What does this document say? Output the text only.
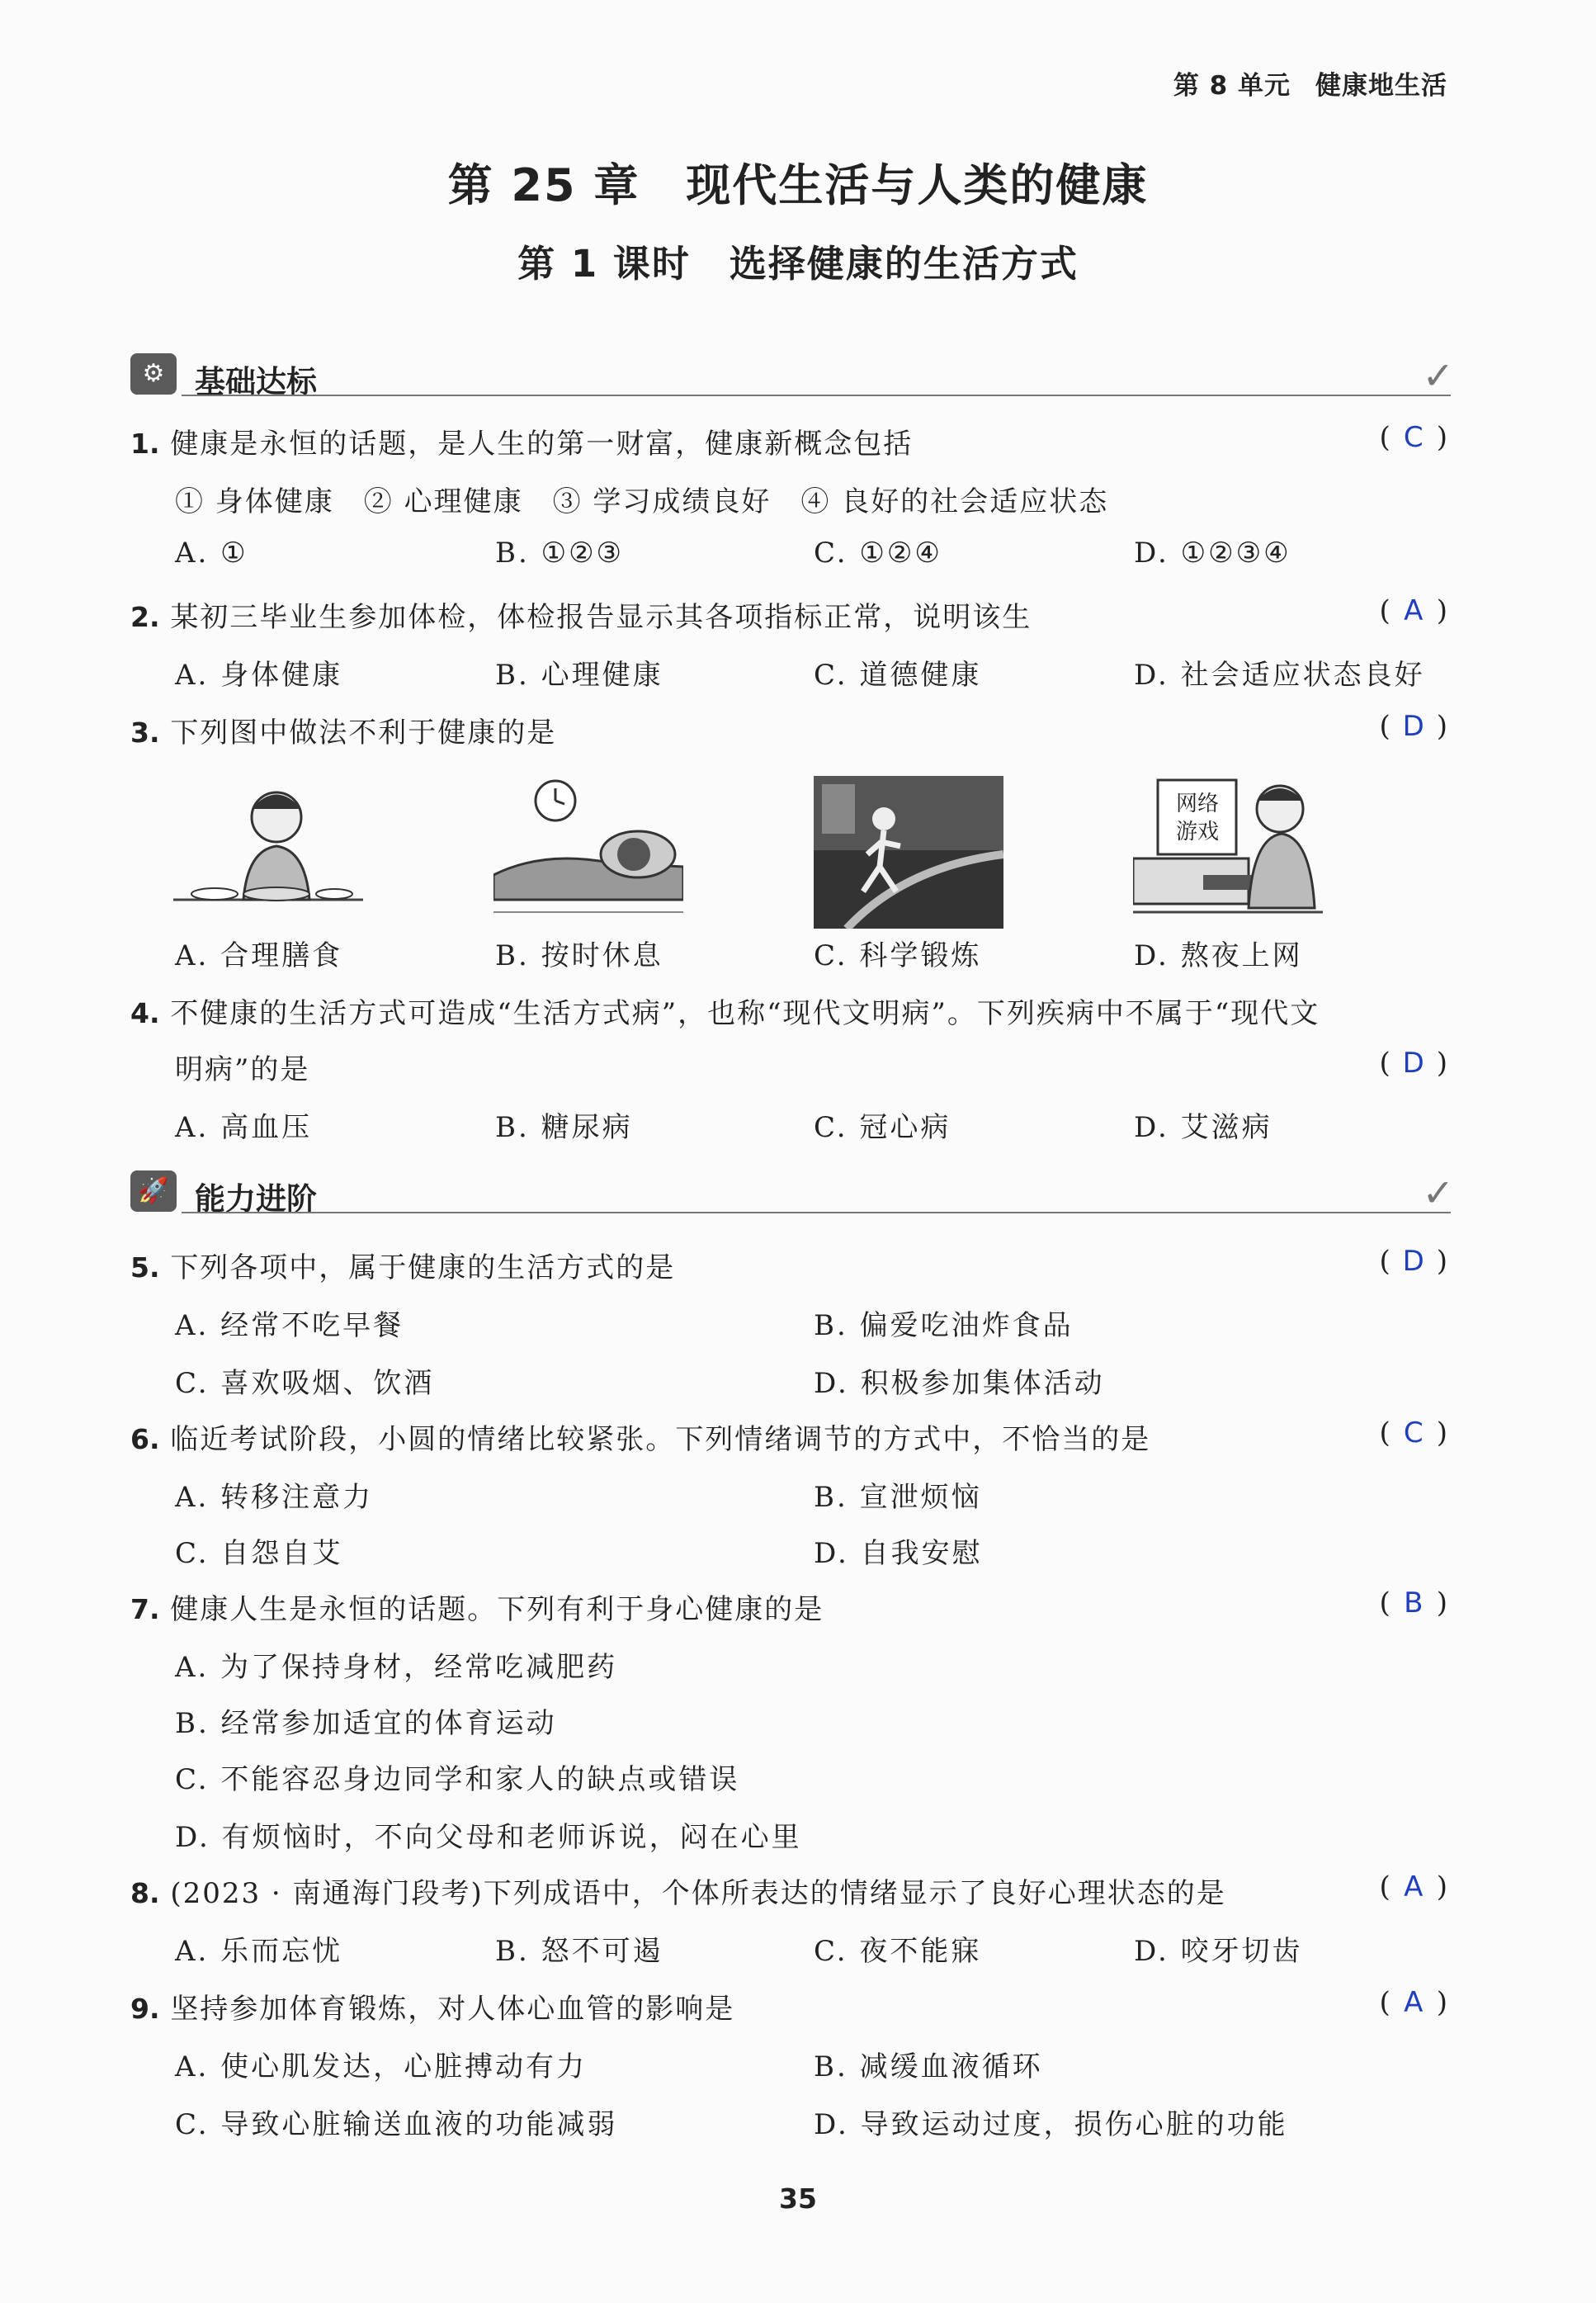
第 8 单元 健康地生活
第 25 章　现代生活与人类的健康
第 1 课时　选择健康的生活方式
⚙ 基础达标	✓
1. 健康是永恒的话题，是人生的第一财富，健康新概念包括	( C )
① 身体健康　② 心理健康　③ 学习成绩良好　④ 良好的社会适应状态
A. ①	B. ①②③	C. ①②④	D. ①②③④
2. 某初三毕业生参加体检，体检报告显示其各项指标正常，说明该生	( A )
A. 身体健康	B. 心理健康	C. 道德健康	D. 社会适应状态良好
3. 下列图中做法不利于健康的是	( D )
网络
游戏
A. 合理膳食	B. 按时休息	C. 科学锻炼	D. 熬夜上网
4. 不健康的生活方式可造成“生活方式病”，也称“现代文明病”。下列疾病中不属于“现代文
明病”的是	( D )
A. 高血压	B. 糖尿病	C. 冠心病	D. 艾滋病
🚀 能力进阶	✓
5. 下列各项中，属于健康的生活方式的是	( D )
A. 经常不吃早餐	B. 偏爱吃油炸食品
C. 喜欢吸烟、饮酒	D. 积极参加集体活动
6. 临近考试阶段，小圆的情绪比较紧张。下列情绪调节的方式中，不恰当的是	( C )
A. 转移注意力	B. 宣泄烦恼
C. 自怨自艾	D. 自我安慰
7. 健康人生是永恒的话题。下列有利于身心健康的是	( B )
A. 为了保持身材，经常吃减肥药
B. 经常参加适宜的体育运动
C. 不能容忍身边同学和家人的缺点或错误
D. 有烦恼时，不向父母和老师诉说，闷在心里
8. (2023 · 南通海门段考)下列成语中，个体所表达的情绪显示了良好心理状态的是	( A )
A. 乐而忘忧	B. 怒不可遏	C. 夜不能寐	D. 咬牙切齿
9. 坚持参加体育锻炼，对人体心血管的影响是	( A )
A. 使心肌发达，心脏搏动有力	B. 减缓血液循环
C. 导致心脏输送血液的功能减弱	D. 导致运动过度，损伤心脏的功能
35
